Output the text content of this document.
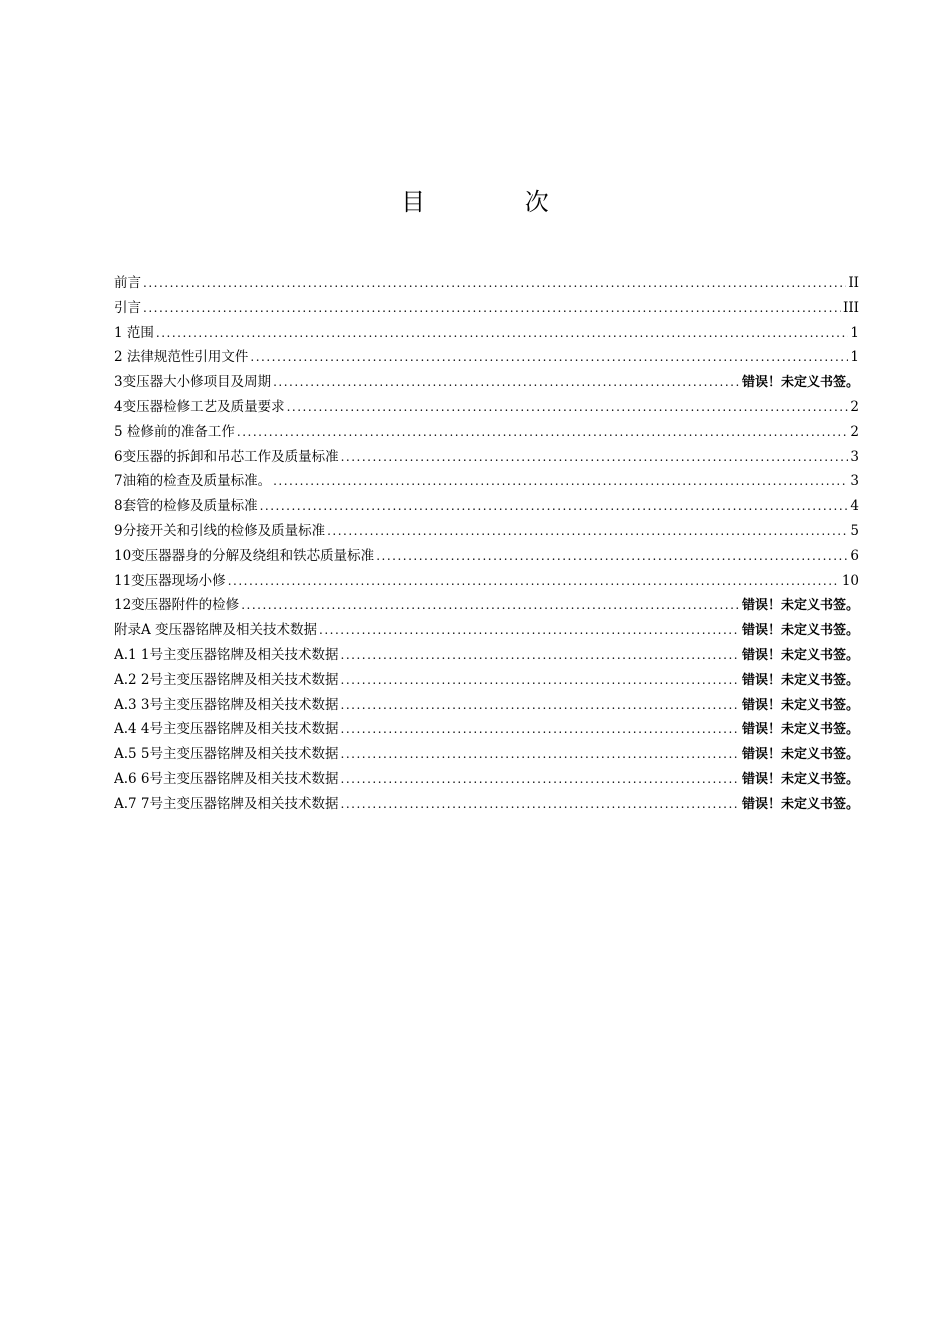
目 次
前言 .....	II
引言 .....	III
1 范围 .....	1
2 法律规范性引用文件 .....	1
3变压器大小修项目及周期 .....	错误！未定义书签。
4变压器检修工艺及质量要求 .....	2
5 检修前的准备工作 .....	2
6变压器的拆卸和吊芯工作及质量标准 .....	3
7油箱的检查及质量标准。 .....	3
8套管的检修及质量标准 .....	4
9分接开关和引线的检修及质量标准 .....	5
10变压器器身的分解及绕组和铁芯质量标准 .....	6
11变压器现场小修 .....	10
12变压器附件的检修 .....	错误！未定义书签。
附录A 变压器铭牌及相关技术数据 .....	错误！未定义书签。
A.1 1号主变压器铭牌及相关技术数据 .....	错误！未定义书签。
A.2 2号主变压器铭牌及相关技术数据 .....	错误！未定义书签。
A.3 3号主变压器铭牌及相关技术数据 .....	错误！未定义书签。
A.4 4号主变压器铭牌及相关技术数据 .....	错误！未定义书签。
A.5 5号主变压器铭牌及相关技术数据 .....	错误！未定义书签。
A.6 6号主变压器铭牌及相关技术数据 .....	错误！未定义书签。
A.7 7号主变压器铭牌及相关技术数据 .....	错误！未定义书签。
